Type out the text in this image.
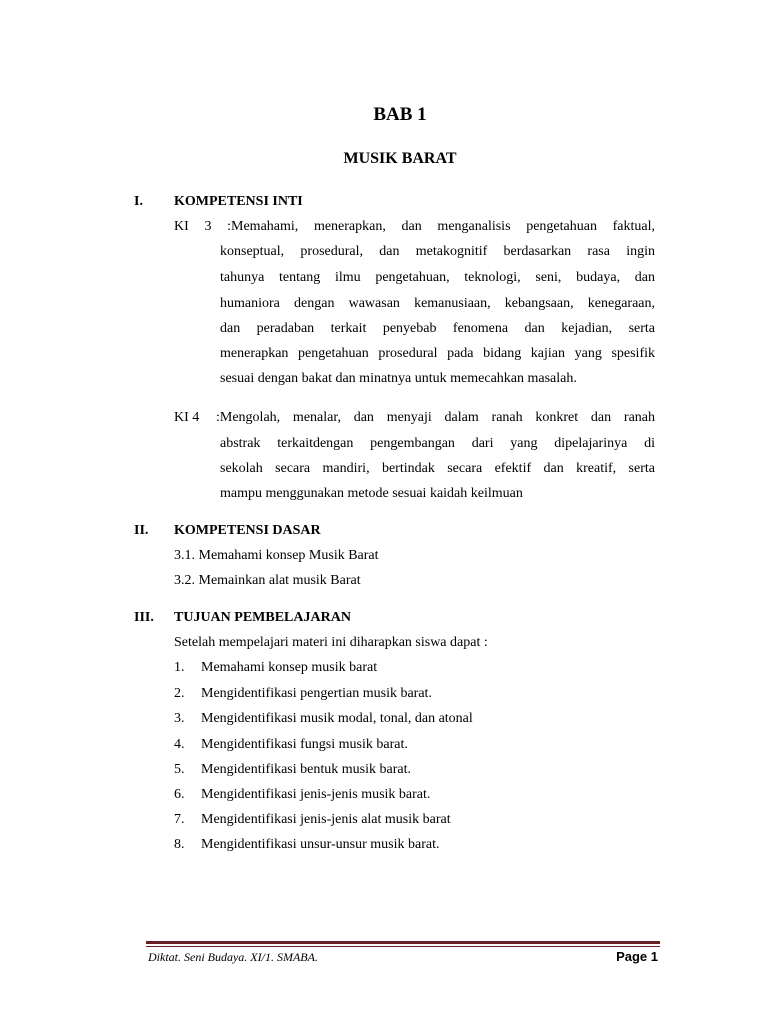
BAB 1
MUSIK BARAT
I. KOMPETENSI INTI
KI 3 :Memahami, menerapkan, dan menganalisis pengetahuan faktual,
konseptual, prosedural, dan metakognitif berdasarkan rasa ingin
tahunya tentang ilmu pengetahuan, teknologi, seni, budaya, dan
humaniora dengan wawasan kemanusiaan, kebangsaan, kenegaraan,
dan peradaban terkait penyebab fenomena dan kejadian, serta
menerapkan pengetahuan prosedural pada bidang kajian yang spesifik
sesuai dengan bakat dan minatnya untuk memecahkan masalah.
KI 4 :Mengolah, menalar, dan menyaji dalam ranah konkret dan ranah
abstrak terkaitdengan pengembangan dari yang dipelajarinya di
sekolah secara mandiri, bertindak secara efektif dan kreatif, serta
mampu menggunakan metode sesuai kaidah keilmuan
II. KOMPETENSI DASAR
3.1. Memahami konsep Musik Barat
3.2. Memainkan alat musik Barat
III. TUJUAN PEMBELAJARAN
Setelah mempelajari materi ini diharapkan siswa dapat :
1. Memahami konsep musik barat
2. Mengidentifikasi pengertian musik barat.
3. Mengidentifikasi musik modal, tonal, dan atonal
4. Mengidentifikasi fungsi musik barat.
5. Mengidentifikasi bentuk musik barat.
6. Mengidentifikasi jenis-jenis musik barat.
7. Mengidentifikasi jenis-jenis alat musik barat
8. Mengidentifikasi unsur-unsur musik barat.
Diktat. Seni Budaya. XI/1. SMABA.	Page 1
